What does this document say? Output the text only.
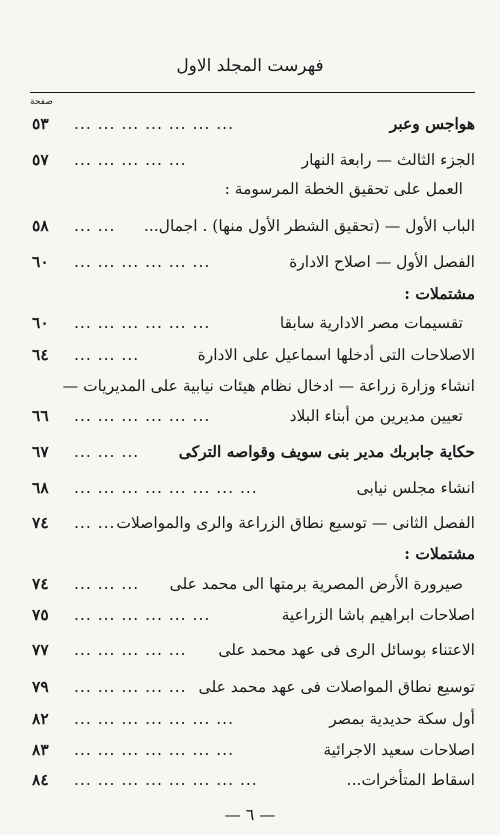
فهرست المجلد الاول
صفحة
هواجس وعبر
... ... ... ... ... ... ...
٥٣
الجزء الثالث — رابعة النهار
... ... ... ... ...
٥٧
العمل على تحقيق الخطة المرسومة :
الباب الأول — (تحقيق الشطر الأول منها) . اجمال...
... ...
٥٨
الفصل الأول — اصلاح الادارة
... ... ... ... ... ...
٦٠
مشتملات :
تقسيمات مصر الادارية سابقا
... ... ... ... ... ...
٦٠
الاصلاحات التى أدخلها اسماعيل على الادارة
... ... ...
٦٤
انشاء وزارة زراعة — ادخال نظام هيئات نيابية على المديريات —
تعيين مديرين من أبناء البلاد
... ... ... ... ... ...
٦٦
حكاية جابربك مدير بنى سويف وقواصه التركى
... ... ...
٦٧
انشاء مجلس نيابى
... ... ... ... ... ... ... ...
٦٨
الفصل الثانى — توسيع نطاق الزراعة والرى والمواصلات
... ...
٧٤
مشتملات :
صيرورة الأرض المصرية برمتها الى محمد على
... ... ...
٧٤
اصلاحات ابراهيم باشا الزراعية
... ... ... ... ... ...
٧٥
الاعتناء بوسائل الرى فى عهد محمد على
... ... ... ... ...
٧٧
توسيع نطاق المواصلات فى عهد محمد على
... ... ... ... ...
٧٩
أول سكة حديدية بمصر
... ... ... ... ... ... ...
٨٢
اصلاحات سعيد الاجرائية
... ... ... ... ... ... ...
٨٣
اسقاط المتأخرات...
... ... ... ... ... ... ... ...
٨٤
— ٦ —
